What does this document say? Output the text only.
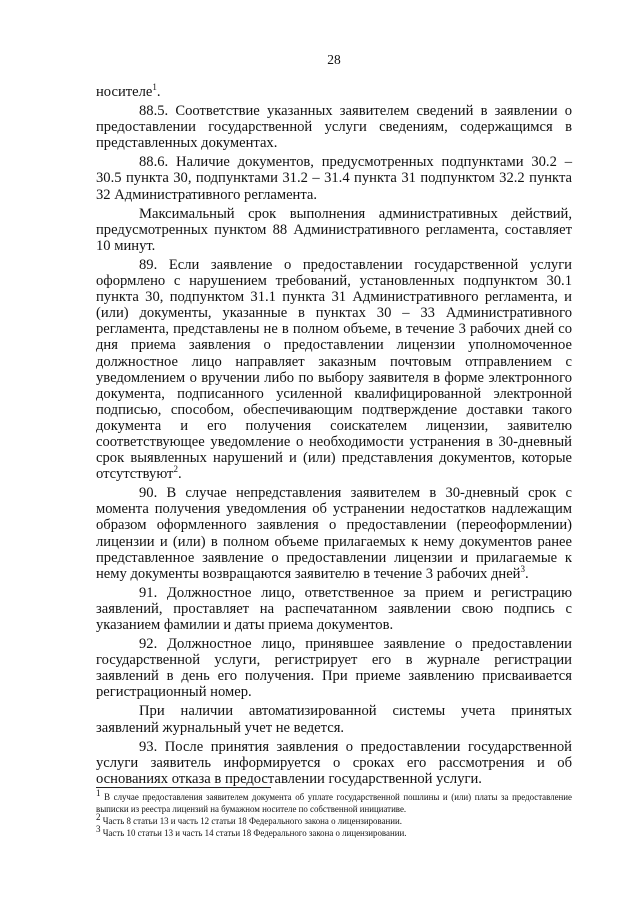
28

носителе$^1$.

88.5. Соответствие указанных заявителем сведений в заявлении о предоставлении государственной услуги сведениям, содержащимся в представленных документах.

88.6. Наличие документов, предусмотренных подпунктами 30.2 – 30.5 пункта 30, подпунктами 31.2 – 31.4 пункта 31 подпунктом 32.2 пункта 32 Административного регламента.

Максимальный срок выполнения административных действий, предусмотренных пунктом 88 Административного регламента, составляет 10 минут.

89. Если заявление о предоставлении государственной услуги оформлено с нарушением требований, установленных подпунктом 30.1 пункта 30, подпунктом 31.1 пункта 31 Административного регламента, и (или) документы, указанные в пунктах 30 – 33 Административного регламента, представлены не в полном объеме, в течение 3 рабочих дней со дня приема заявления о предоставлении лицензии уполномоченное должностное лицо направляет заказным почтовым отправлением с уведомлением о вручении либо по выбору заявителя в форме электронного документа, подписанного усиленной квалифицированной электронной подписью, способом, обеспечивающим подтверждение доставки такого документа и его получения соискателем лицензии, заявителю соответствующее уведомление о необходимости устранения в 30-дневный срок выявленных нарушений и (или) представления документов, которые отсутствуют$^2$.

90. В случае непредставления заявителем в 30-дневный срок с момента получения уведомления об устранении недостатков надлежащим образом оформленного заявления о предоставлении (переоформлении) лицензии и (или) в полном объеме прилагаемых к нему документов ранее представленное заявление о предоставлении лицензии и прилагаемые к нему документы возвращаются заявителю в течение 3 рабочих дней$^3$.

91. Должностное лицо, ответственное за прием и регистрацию заявлений, проставляет на распечатанном заявлении свою подпись с указанием фамилии и даты приема документов.

92. Должностное лицо, принявшее заявление о предоставлении государственной услуги, регистрирует его в журнале регистрации заявлений в день его получения. При приеме заявлению присваивается регистрационный номер.

При наличии автоматизированной системы учета принятых заявлений журнальный учет не ведется.

93. После принятия заявления о предоставлении государственной услуги заявитель информируется о сроках его рассмотрения и об основаниях отказа в предоставлении государственной услуги.

$^1$ В случае предоставления заявителем документа об уплате государственной пошлины и (или) платы за предоставление выписки из реестра лицензий на бумажном носителе по собственной инициативе.

$^2$ Часть 8 статьи 13 и часть 12 статьи 18 Федерального закона о лицензировании.

$^3$ Часть 10 статьи 13 и часть 14 статьи 18 Федерального закона о лицензировании.
